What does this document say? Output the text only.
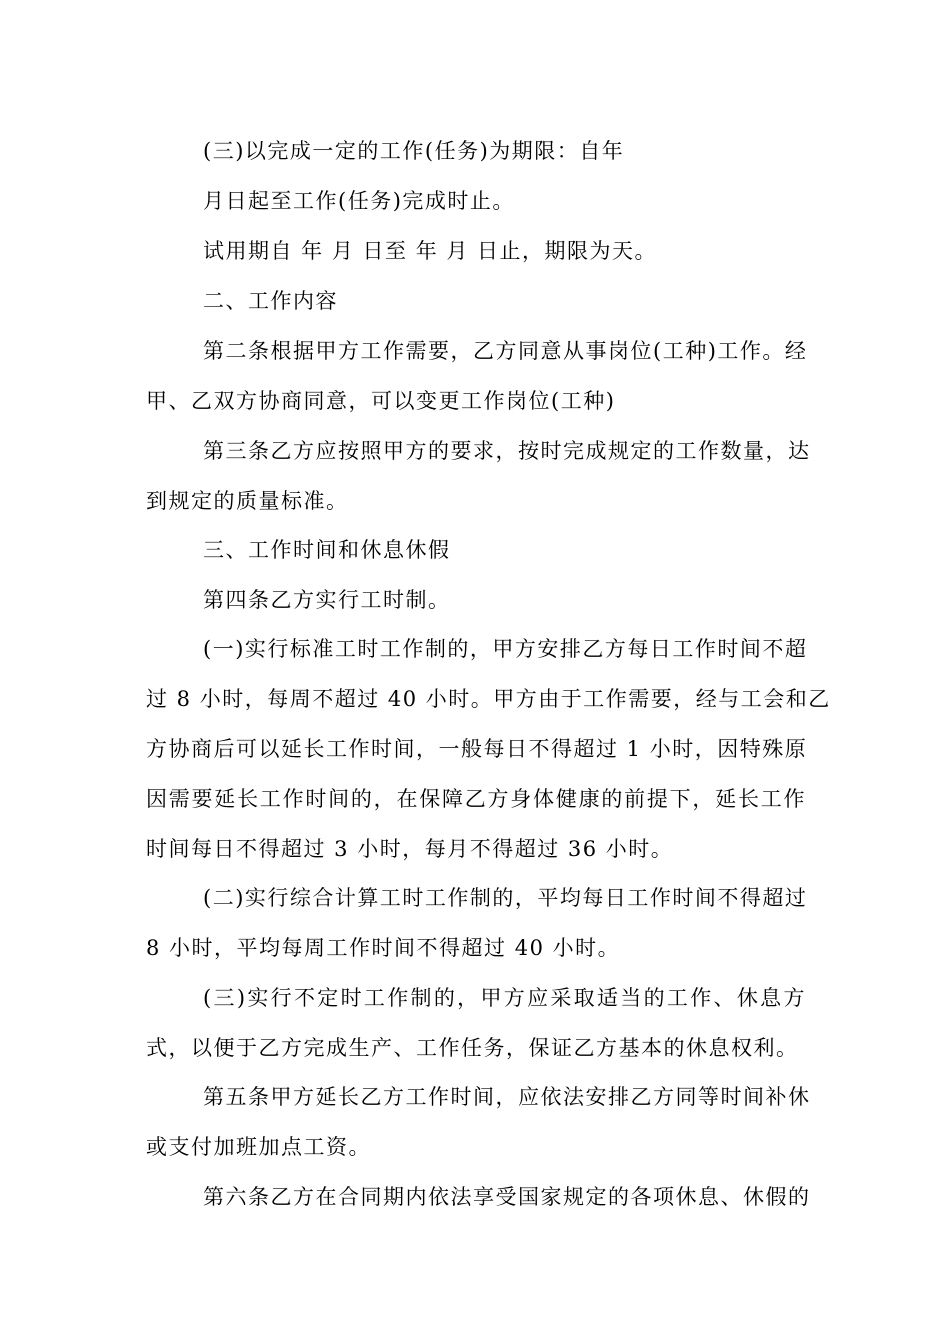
(三)以完成一定的工作(任务)为期限：自年
月日起至工作(任务)完成时止。
试用期自 年 月 日至 年 月 日止，期限为天。
二、工作内容
第二条根据甲方工作需要，乙方同意从事岗位(工种)工作。经
甲、乙双方协商同意，可以变更工作岗位(工种)
第三条乙方应按照甲方的要求，按时完成规定的工作数量，达
到规定的质量标准。
三、工作时间和休息休假
第四条乙方实行工时制。
(一)实行标准工时工作制的，甲方安排乙方每日工作时间不超
过 8 小时，每周不超过 40 小时。甲方由于工作需要，经与工会和乙
方协商后可以延长工作时间，一般每日不得超过 1 小时，因特殊原
因需要延长工作时间的，在保障乙方身体健康的前提下，延长工作
时间每日不得超过 3 小时，每月不得超过 36 小时。
(二)实行综合计算工时工作制的，平均每日工作时间不得超过
8 小时，平均每周工作时间不得超过 40 小时。
(三)实行不定时工作制的，甲方应采取适当的工作、休息方
式，以便于乙方完成生产、工作任务，保证乙方基本的休息权利。
第五条甲方延长乙方工作时间，应依法安排乙方同等时间补休
或支付加班加点工资。
第六条乙方在合同期内依法享受国家规定的各项休息、休假的
